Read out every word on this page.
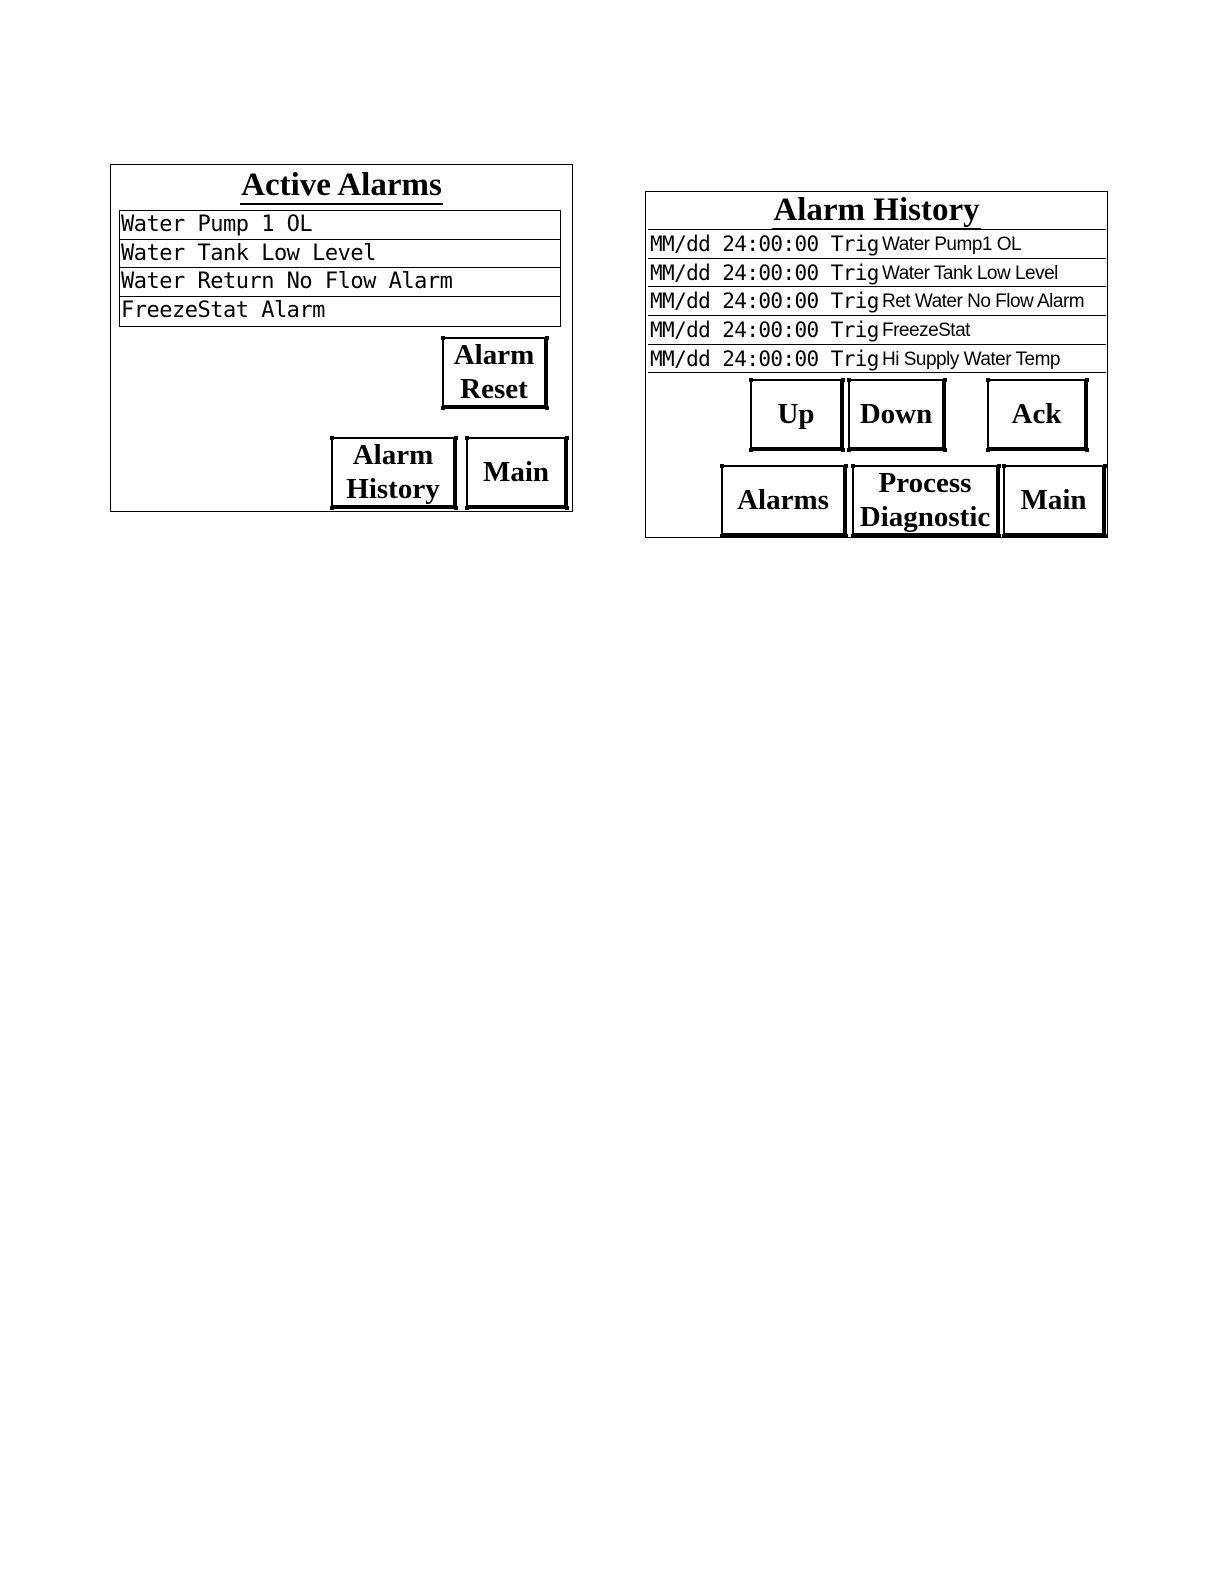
Active Alarms
Water Pump 1 OL
Water Tank Low Level
Water Return No Flow Alarm
FreezeStat Alarm
Alarm
Reset
Alarm
History
Main
Alarm History
MM/dd 24:00:00 Trig Water Pump1 OL
MM/dd 24:00:00 Trig Water Tank Low Level
MM/dd 24:00:00 Trig Ret Water No Flow Alarm
MM/dd 24:00:00 Trig FreezeStat
MM/dd 24:00:00 Trig Hi Supply Water Temp
Up Down	Ack
Alarms
Process
Diagnostic
Main
